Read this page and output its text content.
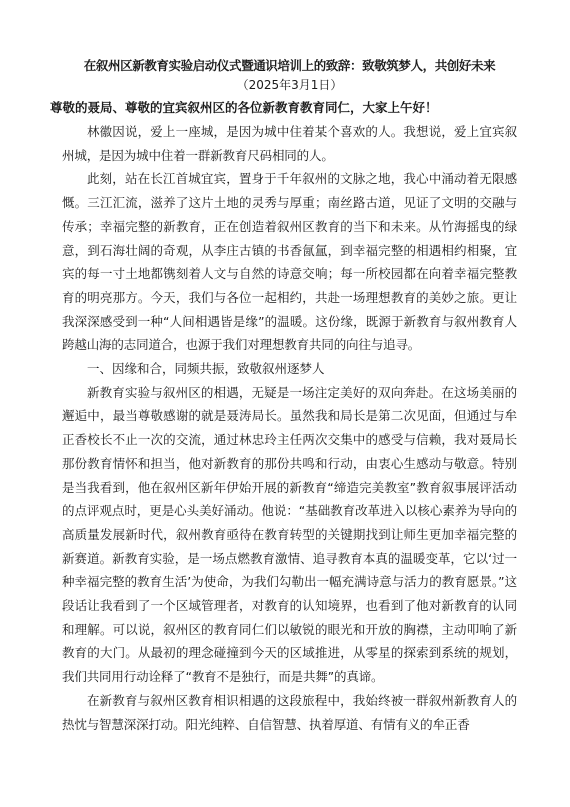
在叙州区新教育实验启动仪式暨通识培训上的致辞：致敬筑梦人，共创好未来

（2025年3月1日）

尊敬的聂局、尊敬的宜宾叙州区的各位新教育教育同仁，大家上午好！

林徽因说，爱上一座城，是因为城中住着某个喜欢的人。我想说，爱上宜宾叙州城，是因为城中住着一群新教育尺码相同的人。

此刻，站在长江首城宜宾，置身于千年叙州的文脉之地，我心中涌动着无限感慨。三江汇流，滋养了这片土地的灵秀与厚重；南丝路古道，见证了文明的交融与传承；幸福完整的新教育，正在创造着叙州区教育的当下和未来。从竹海摇曳的绿意，到石海壮阔的奇观，从李庄古镇的书香氤氲，到幸福完整的相遇相约相聚，宜宾的每一寸土地都镌刻着人文与自然的诗意交响；每一所校园都在向着幸福完整教育的明亮那方。今天，我们与各位一起相约，共赴一场理想教育的美妙之旅。更让我深深感受到一种“人间相遇皆是缘”的温暖。这份缘，既源于新教育与叙州教育人跨越山海的志同道合，也源于我们对理想教育共同的向往与追寻。

一、因缘和合，同频共振，致敬叙州逐梦人

新教育实验与叙州区的相遇，无疑是一场注定美好的双向奔赴。在这场美丽的邂逅中，最当尊敬感谢的就是聂涛局长。虽然我和局长是第二次见面，但通过与牟正香校长不止一次的交流，通过林忠玲主任两次交集中的感受与信赖，我对聂局长那份教育情怀和担当，他对新教育的那份共鸣和行动，由衷心生感动与敬意。特别是当我看到，他在叙州区新年伊始开展的新教育“缔造完美教室”教育叙事展评活动的点评观点时，更是心头美好涌动。他说：“基础教育改革进入以核心素养为导向的高质量发展新时代，叙州教育亟待在教育转型的关键期找到让师生更加幸福完整的新赛道。新教育实验，是一场点燃教育激情、追寻教育本真的温暖变革，它以‘过一种幸福完整的教育生活’为使命，为我们勾勒出一幅充满诗意与活力的教育愿景。”这段话让我看到了一个区域管理者，对教育的认知境界，也看到了他对新教育的认同和理解。可以说，叙州区的教育同仁们以敏锐的眼光和开放的胸襟，主动叩响了新教育的大门。从最初的理念碰撞到今天的区域推进，从零星的探索到系统的规划，我们共同用行动诠释了“教育不是独行，而是共舞”的真谛。

在新教育与叙州区教育相识相遇的这段旅程中，我始终被一群叙州新教育人的热忱与智慧深深打动。阳光纯粹、自信智慧、执着厚道、有情有义的牟正香
